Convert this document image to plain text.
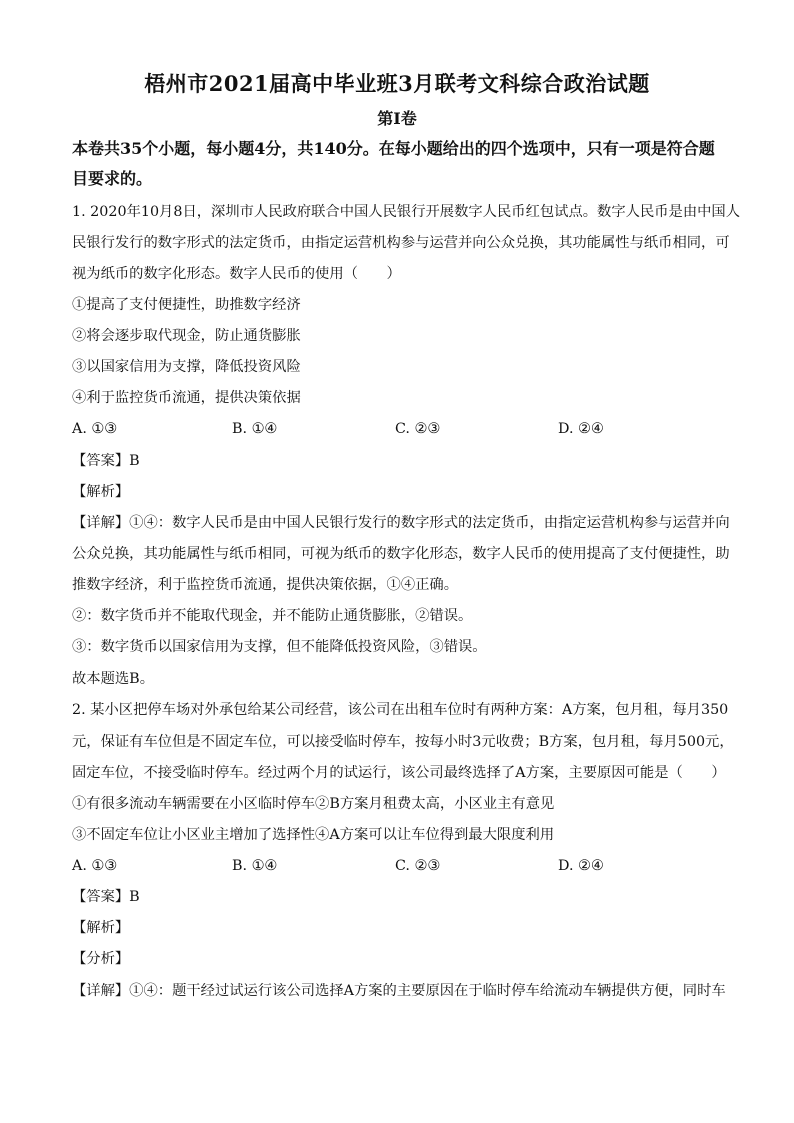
梧州市2021届高中毕业班3月联考文科综合政治试题
第I卷
本卷共35个小题，每小题4分，共140分。在每小题给出的四个选项中，只有一项是符合题
目要求的。
1. 2020年10月8日，深圳市人民政府联合中国人民银行开展数字人民币红包试点。数字人民币是由中国人
民银行发行的数字形式的法定货币，由指定运营机构参与运营并向公众兑换，其功能属性与纸币相同，可
视为纸币的数字化形态。数字人民币的使用（　　）
①提高了支付便捷性，助推数字经济
②将会逐步取代现金，防止通货膨胀
③以国家信用为支撑，降低投资风险
④利于监控货币流通，提供决策依据
A. ①③	B. ①④	C. ②③	D. ②④
【答案】B
【解析】
【详解】①④：数字人民币是由中国人民银行发行的数字形式的法定货币，由指定运营机构参与运营并向
公众兑换，其功能属性与纸币相同，可视为纸币的数字化形态，数字人民币的使用提高了支付便捷性，助
推数字经济，利于监控货币流通，提供决策依据，①④正确。
②：数字货币并不能取代现金，并不能防止通货膨胀，②错误。
③：数字货币以国家信用为支撑，但不能降低投资风险，③错误。
故本题选B。
2. 某小区把停车场对外承包给某公司经营，该公司在出租车位时有两种方案：A方案，包月租，每月350
元，保证有车位但是不固定车位，可以接受临时停车，按每小时3元收费；B方案，包月租，每月500元，
固定车位，不接受临时停车。经过两个月的试运行，该公司最终选择了A方案，主要原因可能是（　　）
①有很多流动车辆需要在小区临时停车②B方案月租费太高，小区业主有意见
③不固定车位让小区业主增加了选择性④A方案可以让车位得到最大限度利用
A. ①③	B. ①④	C. ②③	D. ②④
【答案】B
【解析】
【分析】
【详解】①④：题干经过试运行该公司选择A方案的主要原因在于临时停车给流动车辆提供方便，同时车
